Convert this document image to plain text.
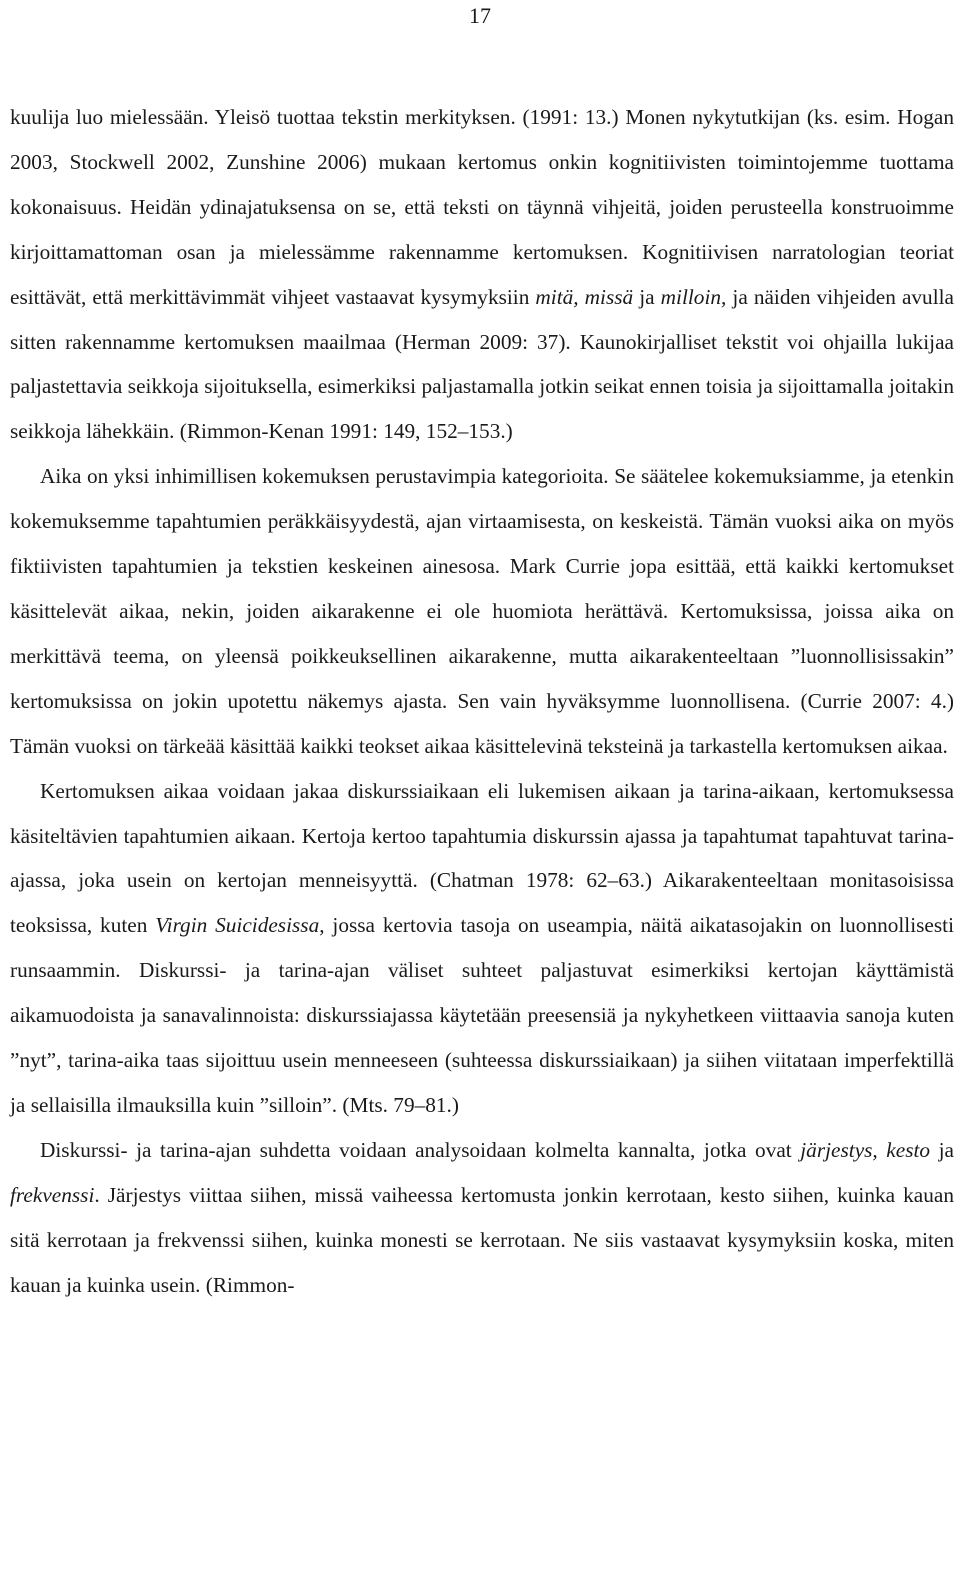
17

kuulija luo mielessään. Yleisö tuottaa tekstin merkityksen. (1991: 13.) Monen nykytutkijan (ks. esim. Hogan 2003, Stockwell 2002, Zunshine 2006) mukaan kertomus onkin kognitiivisten toimintojemme tuottama kokonaisuus. Heidän ydinajatuksensa on se, että teksti on täynnä vihjeitä, joiden perusteella konstruoimme kirjoittamattoman osan ja mielessämme rakennamme kertomuksen. Kognitiivisen narratologian teoriat esittävät, että merkittävimmät vihjeet vastaavat kysymyksiin mitä, missä ja milloin, ja näiden vihjeiden avulla sitten rakennamme kertomuksen maailmaa (Herman 2009: 37). Kaunokirjalliset tekstit voi ohjailla lukijaa paljastettavia seikkoja sijoituksella, esimerkiksi paljastamalla jotkin seikat ennen toisia ja sijoittamalla joitakin seikkoja lähekkäin. (Rimmon-Kenan 1991: 149, 152–153.)

Aika on yksi inhimillisen kokemuksen perustavimpia kategorioita. Se säätelee kokemuksiamme, ja etenkin kokemuksemme tapahtumien peräkkäisyydestä, ajan virtaamisesta, on keskeistä. Tämän vuoksi aika on myös fiktiivisten tapahtumien ja tekstien keskeinen ainesosa. Mark Currie jopa esittää, että kaikki kertomukset käsittelevät aikaa, nekin, joiden aikarakenne ei ole huomiota herättävä. Kertomuksissa, joissa aika on merkittävä teema, on yleensä poikkeuksellinen aikarakenne, mutta aikarakenteeltaan ”luonnollisissakin” kertomuksissa on jokin upotettu näkemys ajasta. Sen vain hyväksymme luonnollisena. (Currie 2007: 4.) Tämän vuoksi on tärkeää käsittää kaikki teokset aikaa käsittelevinä teksteinä ja tarkastella kertomuksen aikaa.

Kertomuksen aikaa voidaan jakaa diskurssiaikaan eli lukemisen aikaan ja tarina-aikaan, kertomuksessa käsiteltävien tapahtumien aikaan. Kertoja kertoo tapahtumia diskurssin ajassa ja tapahtumat tapahtuvat tarina-ajassa, joka usein on kertojan menneisyyttä. (Chatman 1978: 62–63.) Aikarakenteeltaan monitasoisissa teoksissa, kuten Virgin Suicidesissa, jossa kertovia tasoja on useampia, näitä aikatasojakin on luonnollisesti runsaammin. Diskurssi- ja tarina-ajan väliset suhteet paljastuvat esimerkiksi kertojan käyttämistä aikamuodoista ja sanavalinnoista: diskurssiajassa käytetään preesensiä ja nykyhetkeen viittaavia sanoja kuten ”nyt”, tarina-aika taas sijoittuu usein menneeseen (suhteessa diskurssiaikaan) ja siihen viitataan imperfektillä ja sellaisilla ilmauksilla kuin ”silloin”. (Mts. 79–81.)

Diskurssi- ja tarina-ajan suhdetta voidaan analysoidaan kolmelta kannalta, jotka ovat järjestys, kesto ja frekvenssi. Järjestys viittaa siihen, missä vaiheessa kertomusta jonkin kerrotaan, kesto siihen, kuinka kauan sitä kerrotaan ja frekvenssi siihen, kuinka monesti se kerrotaan. Ne siis vastaavat kysymyksiin koska, miten kauan ja kuinka usein. (Rimmon-
